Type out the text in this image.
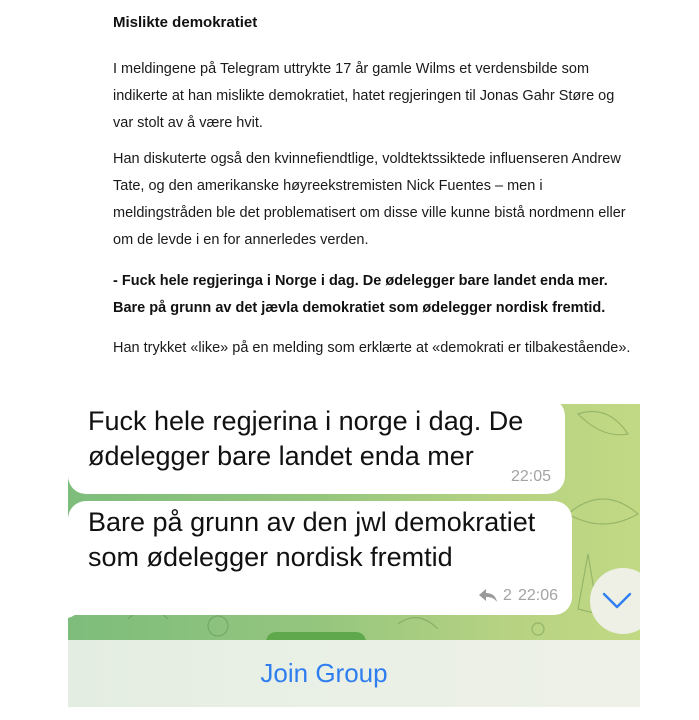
Mislikte demokratiet
I meldingene på Telegram uttrykte 17 år gamle Wilms et verdensbilde som indikerte at han mislikte demokratiet, hatet regjeringen til Jonas Gahr Støre og var stolt av å være hvit.
Han diskuterte også den kvinnefiendtlige, voldtektssiktede influenseren Andrew Tate, og den amerikanske høyreekstremisten Nick Fuentes – men i meldingstråden ble det problematisert om disse ville kunne bistå nordmenn eller om de levde i en for annerledes verden.
- Fuck hele regjeringa i Norge i dag. De ødelegger bare landet enda mer. Bare på grunn av det jævla demokratiet som ødelegger nordisk fremtid.
Han trykket «like» på en melding som erklærte at «demokrati er tilbakestående».
Fuck hele regjerina i norge i dag. De
ødelegger bare landet enda mer
22:05
Bare på grunn av den jwl demokratiet
som ødelegger nordisk fremtid
2 22:06
Join Group
